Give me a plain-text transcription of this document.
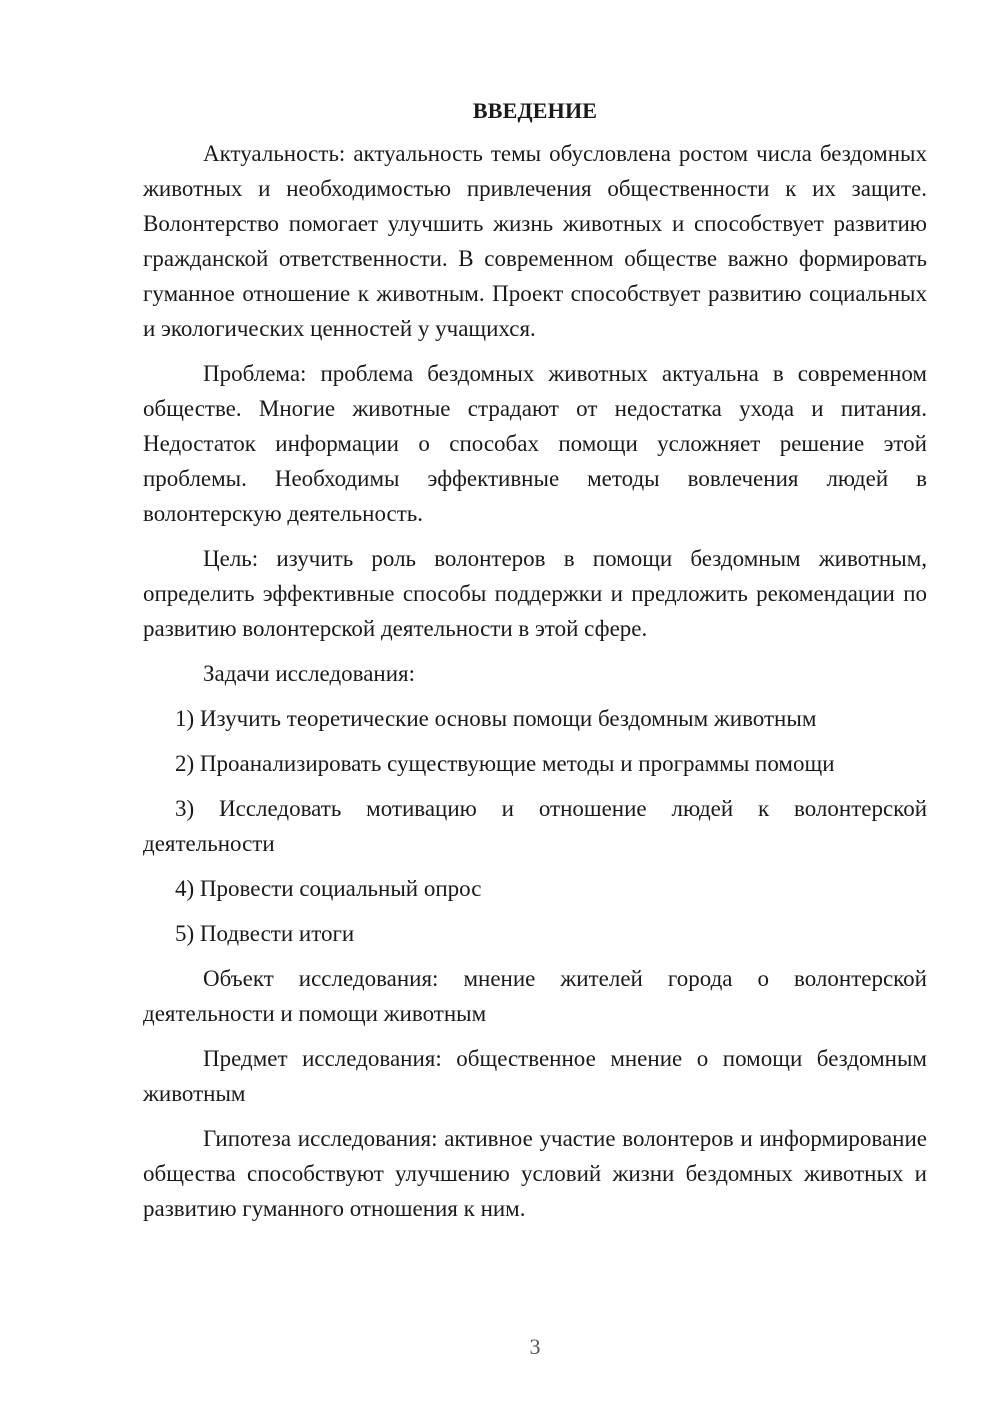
ВВЕДЕНИЕ

Актуальность: актуальность темы обусловлена ростом числа бездомных животных и необходимостью привлечения общественности к их защите. Волонтерство помогает улучшить жизнь животных и способствует развитию гражданской ответственности. В современном обществе важно формировать гуманное отношение к животным. Проект способствует развитию социальных и экологических ценностей у учащихся.

Проблема: проблема бездомных животных актуальна в современном обществе. Многие животные страдают от недостатка ухода и питания. Недостаток информации о способах помощи усложняет решение этой проблемы. Необходимы эффективные методы вовлечения людей в волонтерскую деятельность.

Цель: изучить роль волонтеров в помощи бездомным животным, определить эффективные способы поддержки и предложить рекомендации по развитию волонтерской деятельности в этой сфере.

Задачи исследования:

1) Изучить теоретические основы помощи бездомным животным

2) Проанализировать существующие методы и программы помощи

3) Исследовать мотивацию и отношение людей к волонтерской деятельности

4) Провести социальный опрос

5) Подвести итоги

Объект исследования: мнение жителей города о волонтерской деятельности и помощи животным

Предмет исследования: общественное мнение о помощи бездомным животным

Гипотеза исследования: активное участие волонтеров и информирование общества способствуют улучшению условий жизни бездомных животных и развитию гуманного отношения к ним.

3
